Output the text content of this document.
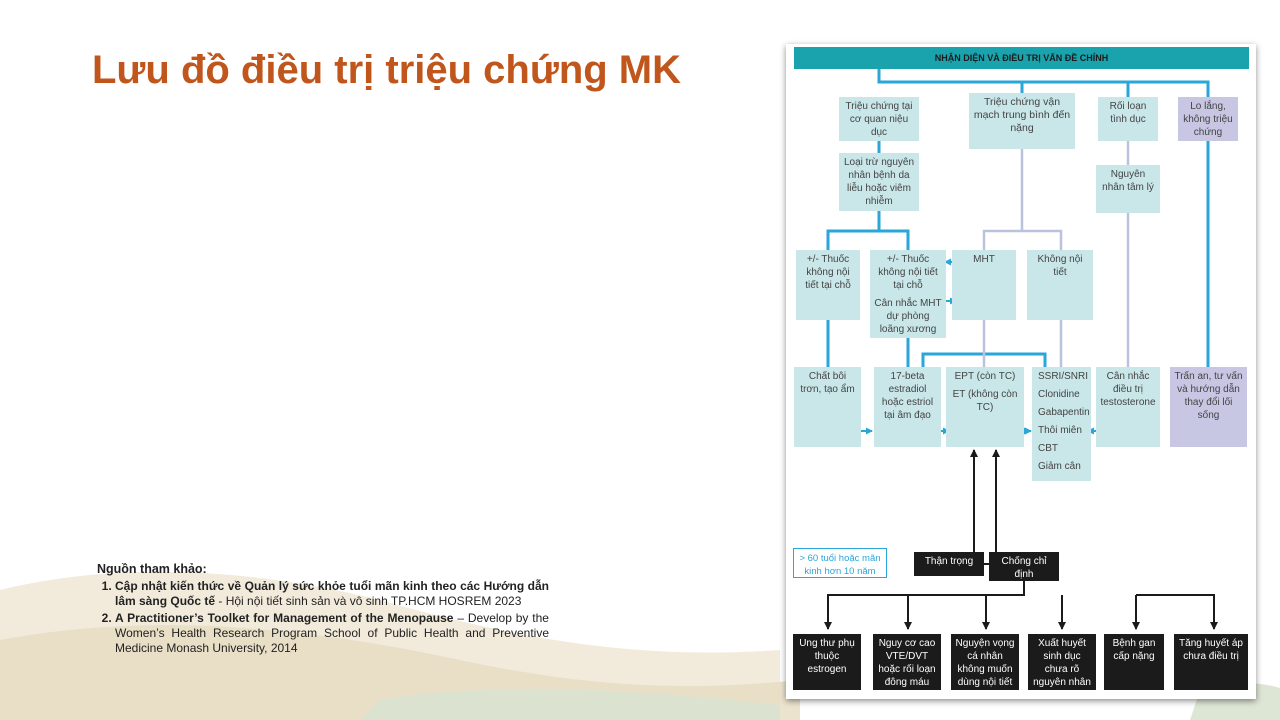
Lưu đồ điều trị triệu chứng MK
Nguồn tham khảo:
1. Cập nhật kiến thức về Quản lý sức khỏe tuổi mãn kinh theo các Hướng dẫn lâm sàng Quốc tế - Hội nội tiết sinh sản và vô sinh TP.HCM HOSREM 2023
2. A Practitioner’s Toolket for Management of the Menopause – Develop by the Women’s Health Research Program School of Public Health and Preventive Medicine Monash University, 2014
NHẬN DIỆN VÀ ĐIỀU TRỊ VẤN ĐỀ CHÍNH
Triệu chứng tại cơ quan niệu dục
Triệu chứng vận mạch trung bình đến nặng
Rối loạn tình dục
Lo lắng, không triệu chứng
Loại trừ nguyên nhân bệnh da liễu hoặc viêm nhiễm
Nguyên nhân tâm lý
+/- Thuốc không nội tiết tại chỗ
+/- Thuốc không nội tiết tại chỗ
Cân nhắc MHT dự phòng loãng xương
MHT	Không nội tiết
Chất bôi trơn, tạo ẩm
17-beta estradiol hoặc estriol tại âm đạo
EPT (còn TC)
ET (không còn TC)
SSRI/SNRI
Clonidine
Gabapentin
Thôi miên
CBT
Giảm cân
Cân nhắc điều trị testosterone
Trấn an, tư vấn và hướng dẫn thay đổi lối sống
> 60 tuổi hoặc mãn kinh hơn 10 năm
Thận trọng	Chống chỉ định
Ung thư phụ thuộc estrogen
Nguy cơ cao VTE/DVT hoặc rối loạn đông máu
Nguyện vọng cá nhân không muốn dùng nội tiết
Xuất huyết sinh dục chưa rõ nguyên nhân
Bệnh gan cấp nặng
Tăng huyết áp chưa điều trị
